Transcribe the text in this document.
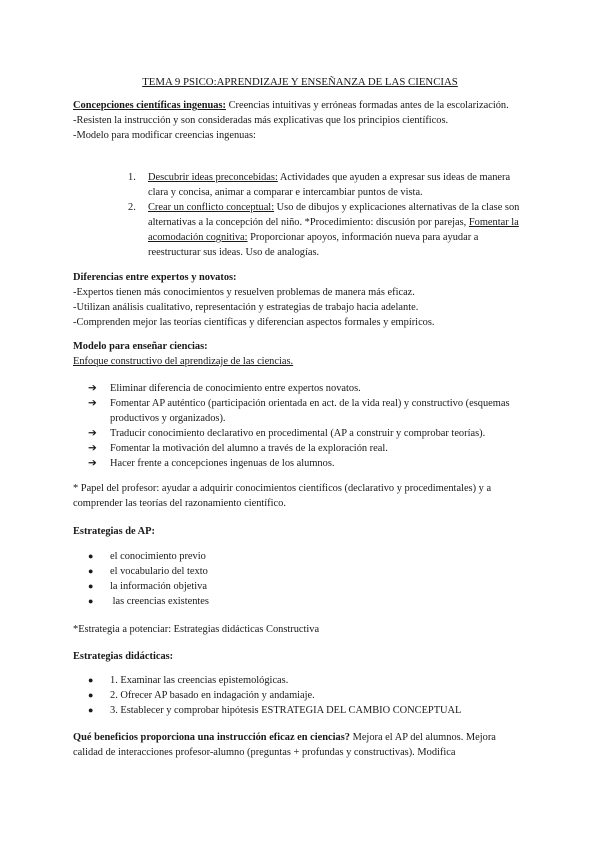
TEMA 9 PSICO:APRENDIZAJE Y ENSEÑANZA DE LAS CIENCIAS

Concepciones científicas ingenuas: Creencias intuitivas y erróneas formadas antes de la escolarización.

-Resisten la instrucción y son consideradas más explicativas que los principios científicos.

-Modelo para modificar creencias ingenuas:

1.	Descubrir ideas preconcebidas: Actividades que ayuden a expresar sus ideas de manera clara y concisa, animar a comparar e intercambiar puntos de vista.
2.	Crear un conflicto conceptual: Uso de dibujos y explicaciones alternativas de la clase son alternativas a la concepción del niño. *Procedimiento: discusión por parejas, Fomentar la acomodación cognitiva: Proporcionar apoyos, información nueva para ayudar a reestructurar sus ideas. Uso de analogías.

Diferencias entre expertos y novatos:

-Expertos tienen más conocimientos y resuelven problemas de manera más eficaz.

-Utilizan análisis cualitativo, representación y estrategias de trabajo hacia adelante.

-Comprenden mejor las teorías científicas y diferencian aspectos formales y empíricos.

Modelo para enseñar ciencias:

Enfoque constructivo del aprendizaje de las ciencias.

➔	Eliminar diferencia de conocimiento entre expertos novatos.
➔	Fomentar AP auténtico (participación orientada en act. de la vida real) y constructivo (esquemas productivos y organizados).
➔	Traducir conocimiento declarativo en procedimental (AP a construir y comprobar teorías).
➔	Fomentar la motivación del alumno a través de la exploración real.
➔	Hacer frente a concepciones ingenuas de los alumnos.

* Papel del profesor: ayudar a adquirir conocimientos científicos (declarativo y procedimentales) y a comprender las teorías del razonamiento científico.

Estrategias de AP:

●	el conocimiento previo
●	el vocabulario del texto
●	la información objetiva
●	las creencias existentes

*Estrategia a potenciar: Estrategias didácticas Constructiva

Estrategias didácticas:

●	1. Examinar las creencias epistemológicas.
●	2. Ofrecer AP basado en indagación y andamiaje.
●	3. Establecer y comprobar hipótesis ESTRATEGIA DEL CAMBIO CONCEPTUAL

Qué beneficios proporciona una instrucción eficaz en ciencias? Mejora el AP del alumnos. Mejora calidad de interacciones profesor-alumno (preguntas + profundas y constructivas). Modifica
